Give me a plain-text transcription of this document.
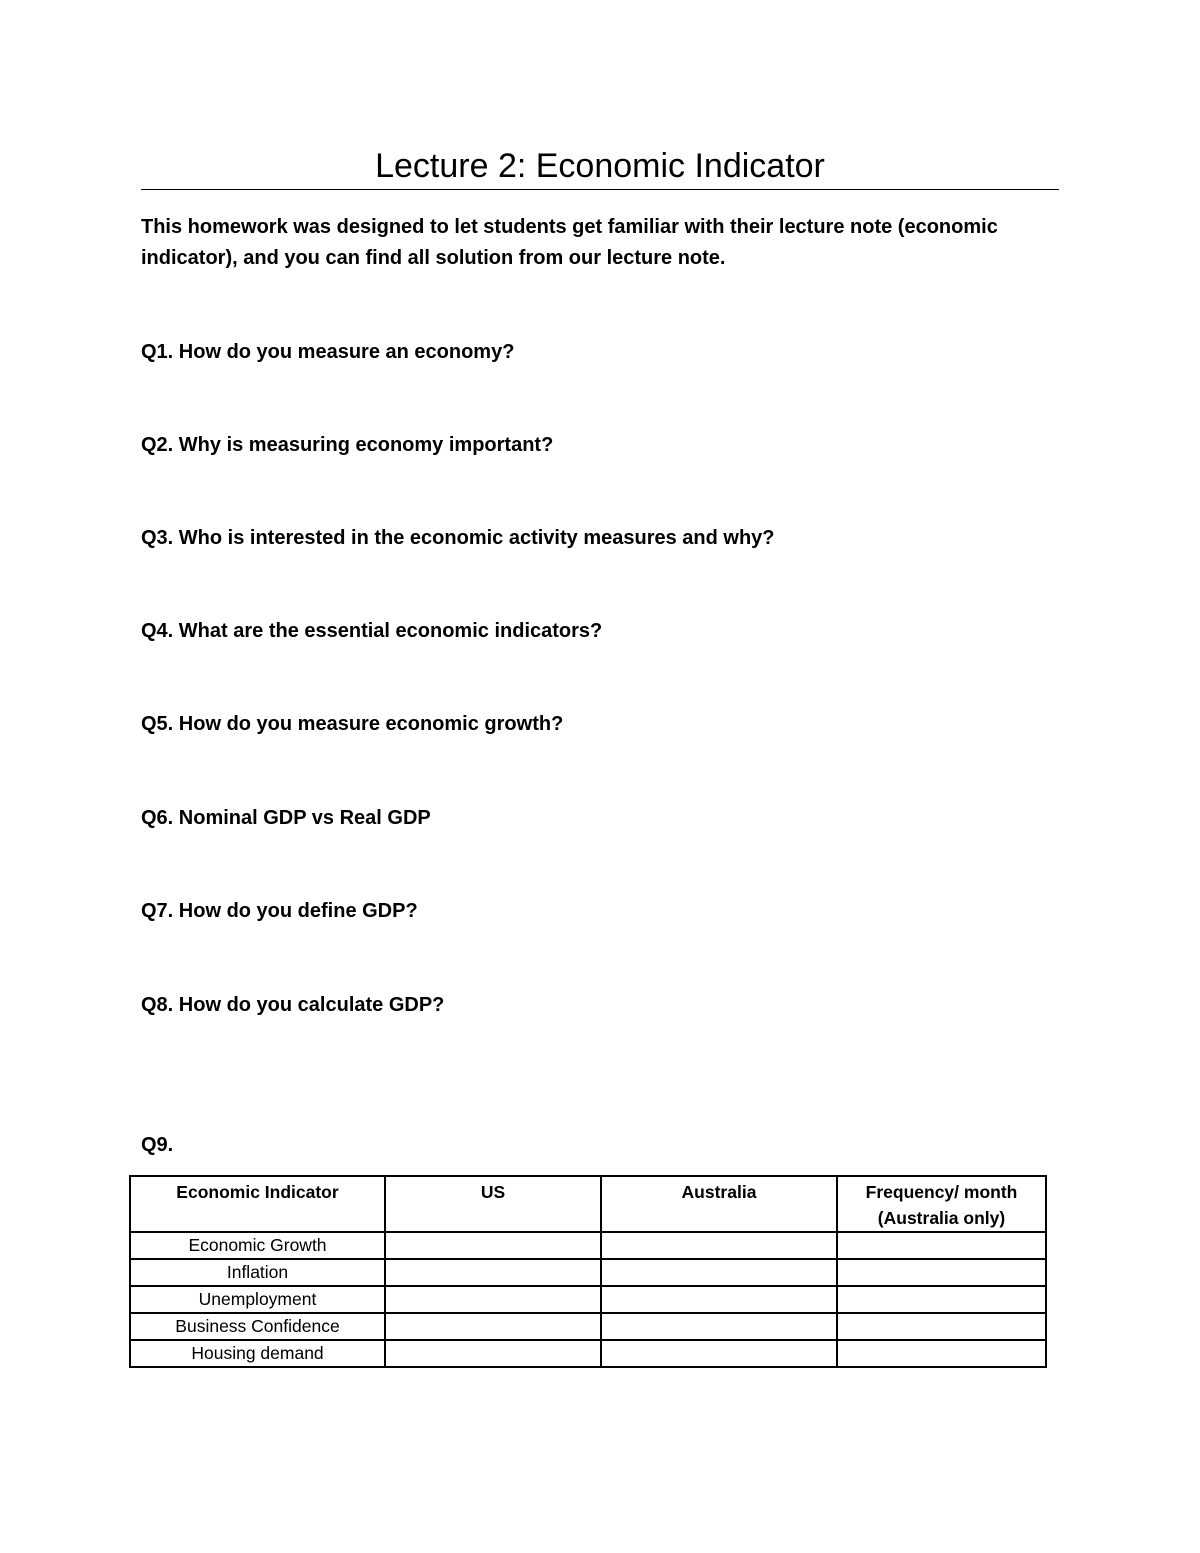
Lecture 2: Economic Indicator

This homework was designed to let students get familiar with their lecture note (economic indicator), and you can find all solution from our lecture note.

Q1. How do you measure an economy?

Q2. Why is measuring economy important?

Q3. Who is interested in the economic activity measures and why?

Q4. What are the essential economic indicators?

Q5. How do you measure economic growth?

Q6. Nominal GDP vs Real GDP

Q7. How do you define GDP?

Q8. How do you calculate GDP?

Q9.

Economic Indicator	US	Australia	Frequency/ month
(Australia only)
Economic Growth			
Inflation			
Unemployment			
Business Confidence			
Housing demand			
